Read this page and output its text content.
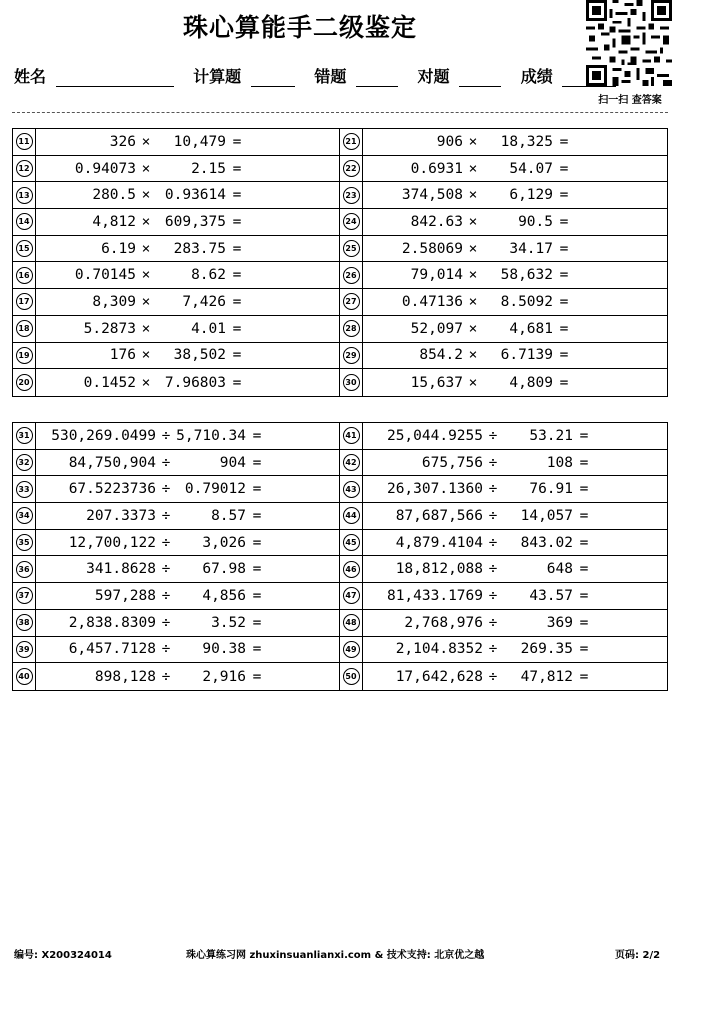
珠心算能手二级鉴定
姓名	计算题	错题	对题	成绩
扫一扫 查答案
11	326 ×	10,479 =	21	906 ×	18,325 =
12	0.94073 ×	2.15 =	22	0.6931 ×	54.07 =
13	280.5 ×	0.93614 =	23	374,508 ×	6,129 =
14	4,812 ×	609,375 =	24	842.63 ×	90.5 =
15	6.19 ×	283.75 =	25	2.58069 ×	34.17 =
16	0.70145 ×	8.62 =	26	79,014 ×	58,632 =
17	8,309 ×	7,426 =	27	0.47136 ×	8.5092 =
18	5.2873 ×	4.01 =	28	52,097 ×	4,681 =
19	176 ×	38,502 =	29	854.2 ×	6.7139 =
20	0.1452 ×	7.96803 =	30	15,637 ×	4,809 =
31	530,269.0499 ÷ 5,710.34 =	41	25,044.9255 ÷	53.21 =
32	84,750,904 ÷	904 =	42	675,756 ÷	108 =
33	67.5223736 ÷	0.79012 =	43	26,307.1360 ÷	76.91 =
34	207.3373 ÷	8.57 =	44	87,687,566 ÷	14,057 =
35	12,700,122 ÷	3,026 =	45	4,879.4104 ÷	843.02 =
36	341.8628 ÷	67.98 =	46	18,812,088 ÷	648 =
37	597,288 ÷	4,856 =	47	81,433.1769 ÷	43.57 =
38	2,838.8309 ÷	3.52 =	48	2,768,976 ÷	369 =
39	6,457.7128 ÷	90.38 =	49	2,104.8352 ÷	269.35 =
40	898,128 ÷	2,916 =	50	17,642,628 ÷	47,812 =
编号: X200324014	珠心算练习网 zhuxinsuanlianxi.com & 技术支持: 北京优之越	页码: 2/2
